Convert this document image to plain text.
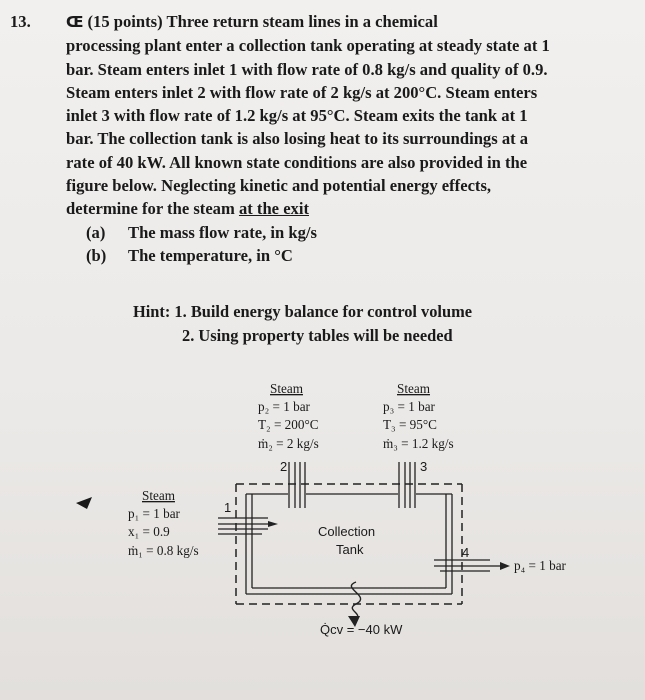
13. Œ (15 points) Three return steam lines in a chemical
processing plant enter a collection tank operating at steady state at 1
bar. Steam enters inlet 1 with flow rate of 0.8 kg/s and quality of 0.9.
Steam enters inlet 2 with flow rate of 2 kg/s at 200°C. Steam enters
inlet 3 with flow rate of 1.2 kg/s at 95°C. Steam exits the tank at 1
bar. The collection tank is also losing heat to its surroundings at a
rate of 40 kW. All known state conditions are also provided in the
figure below. Neglecting kinetic and potential energy effects,
determine for the steam at the exit
(a) The mass flow rate, in kg/s
(b) The temperature, in °C
Hint: 1. Build energy balance for control volume
2. Using property tables will be needed
2	3
1
4
p₄ = 1 bar
Collection
Tank
Steam
p₂ = 1 bar
T₂ = 200°C
ṁ₂ = 2 kg/s
Steam
p₃ = 1 bar
T₃ = 95°C
ṁ₃ = 1.2 kg/s
Steam
p₁ = 1 bar
x₁ = 0.9
ṁ₁ = 0.8 kg/s
Q̇cv = −40 kW
